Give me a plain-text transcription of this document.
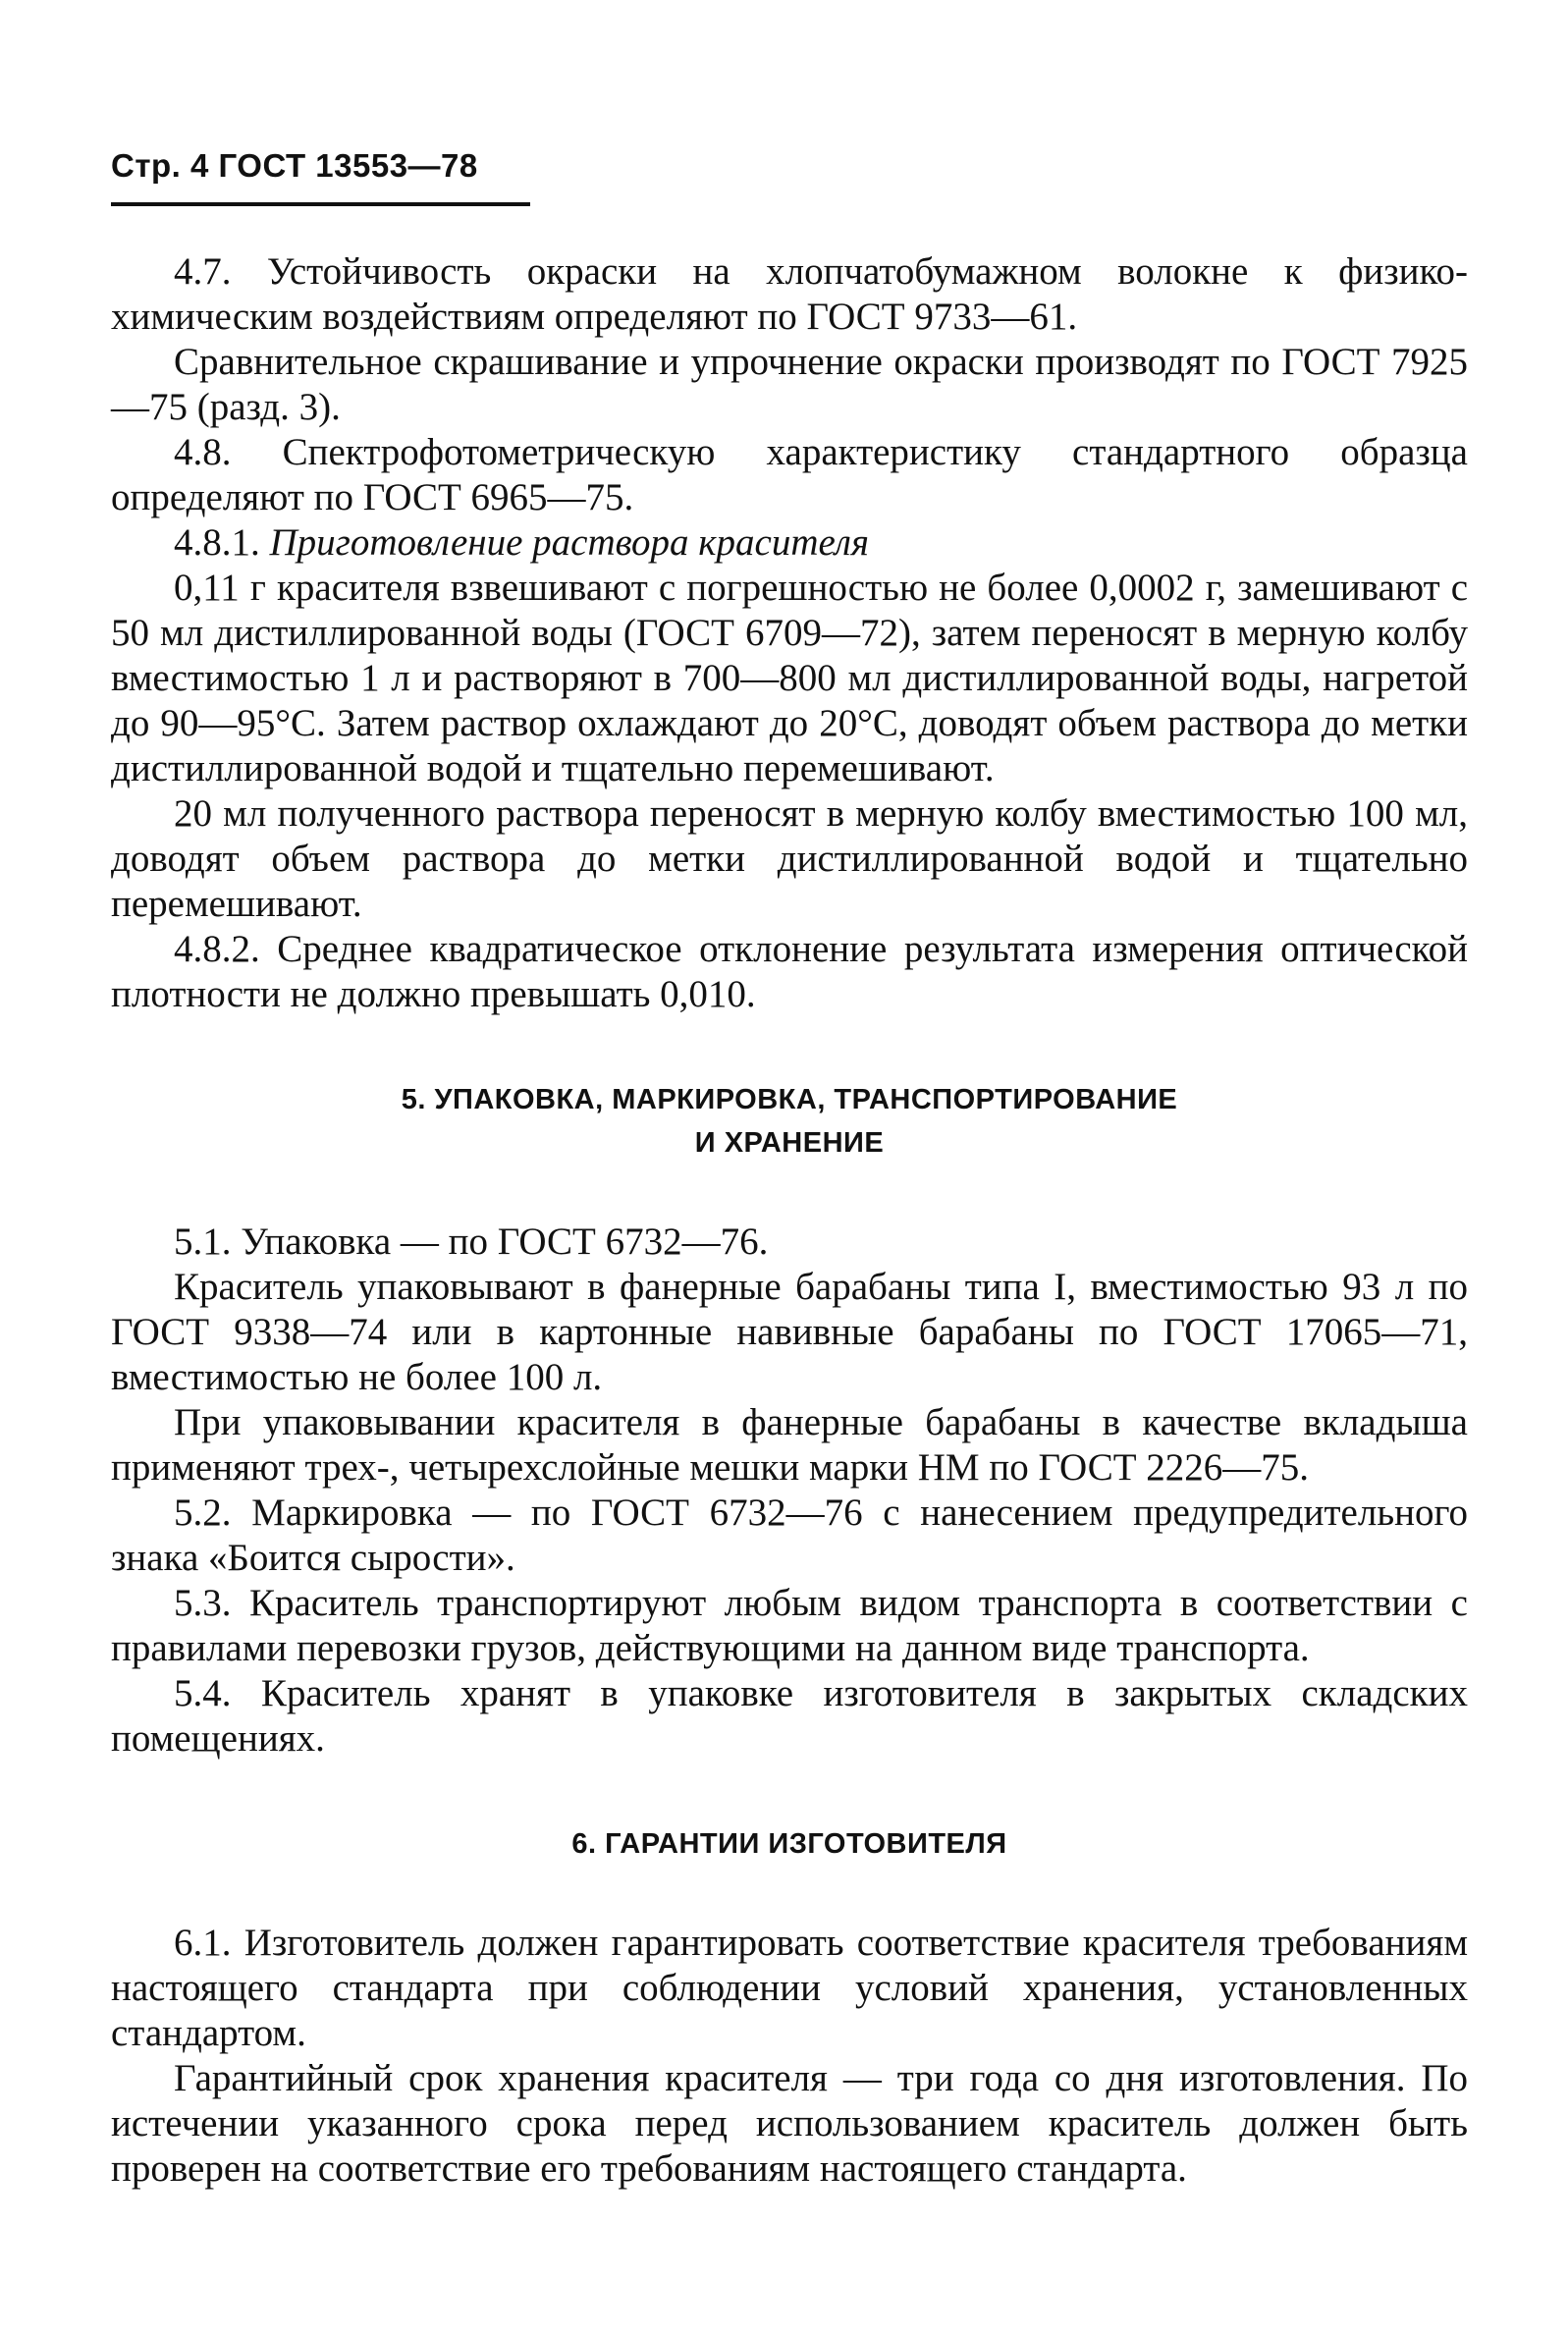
Стр. 4 ГОСТ 13553—78

4.7. Устойчивость окраски на хлопчатобумажном волокне к физико-химическим воздействиям определяют по ГОСТ 9733—61.

Сравнительное скрашивание и упрочнение окраски производят по ГОСТ 7925—75 (разд. 3).

4.8. Спектрофотометрическую характеристику стандартного образца определяют по ГОСТ 6965—75.

4.8.1. Приготовление раствора красителя

0,11 г красителя взвешивают с погрешностью не более 0,0002 г, замешивают с 50 мл дистиллированной воды (ГОСТ 6709—72), затем переносят в мерную колбу вместимостью 1 л и растворяют в 700—800 мл дистиллированной воды, нагретой до 90—95°С. Затем раствор охлаждают до 20°С, доводят объем раствора до метки дистиллированной водой и тщательно перемешивают.

20 мл полученного раствора переносят в мерную колбу вместимостью 100 мл, доводят объем раствора до метки дистиллированной водой и тщательно перемешивают.

4.8.2. Среднее квадратическое отклонение результата измерения оптической плотности не должно превышать 0,010.

5. УПАКОВКА, МАРКИРОВКА, ТРАНСПОРТИРОВАНИЕ

И ХРАНЕНИЕ

5.1. Упаковка — по ГОСТ 6732—76.

Краситель упаковывают в фанерные барабаны типа I, вместимостью 93 л по ГОСТ 9338—74 или в картонные навивные барабаны по ГОСТ 17065—71, вместимостью не более 100 л.

При упаковывании красителя в фанерные барабаны в качестве вкладыша применяют трех-, четырехслойные мешки марки НМ по ГОСТ 2226—75.

5.2. Маркировка — по ГОСТ 6732—76 с нанесением предупредительного знака «Боится сырости».

5.3. Краситель транспортируют любым видом транспорта в соответствии с правилами перевозки грузов, действующими на данном виде транспорта.

5.4. Краситель хранят в упаковке изготовителя в закрытых складских помещениях.

6. ГАРАНТИИ ИЗГОТОВИТЕЛЯ

6.1. Изготовитель должен гарантировать соответствие красителя требованиям настоящего стандарта при соблюдении условий хранения, установленных стандартом.

Гарантийный срок хранения красителя — три года со дня изготовления. По истечении указанного срока перед использованием краситель должен быть проверен на соответствие его требованиям настоящего стандарта.
